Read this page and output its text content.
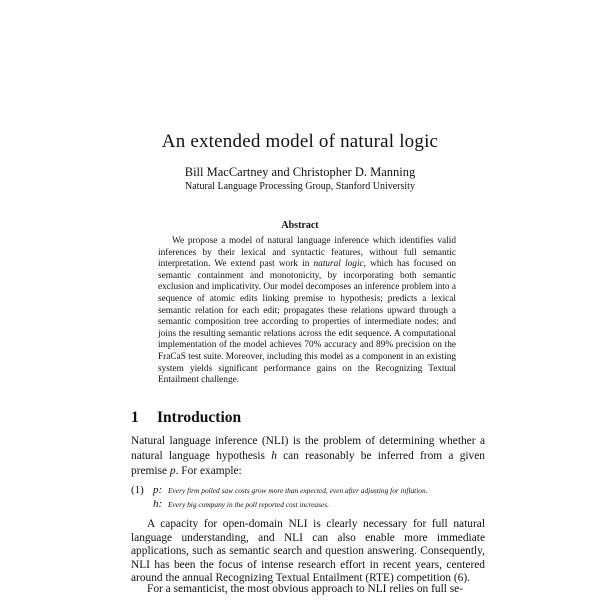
An extended model of natural logic
Bill MacCartney and Christopher D. Manning
Natural Language Processing Group, Stanford University
Abstract
We propose a model of natural language inference which identifies valid inferences by their lexical and syntactic features, without full semantic interpretation. We extend past work in natural logic, which has focused on semantic containment and monotonicity, by incorporating both semantic exclusion and implicativity. Our model decomposes an inference problem into a sequence of atomic edits linking premise to hypothesis; predicts a lexical semantic relation for each edit; propagates these relations upward through a semantic composition tree according to properties of intermediate nodes; and joins the resulting semantic relations across the edit sequence. A computational implementation of the model achieves 70% accuracy and 89% precision on the FraCaS test suite. Moreover, including this model as a component in an existing system yields significant performance gains on the Recognizing Textual Entailment challenge.
1 Introduction
Natural language inference (NLI) is the problem of determining whether a natural language hypothesis h can reasonably be inferred from a given premise p. For example:
(1) p: Every firm polled saw costs grow more than expected, even after adjusting for inflation.
h: Every big company in the poll reported cost increases.
A capacity for open-domain NLI is clearly necessary for full natural language understanding, and NLI can also enable more immediate applications, such as semantic search and question answering. Consequently, NLI has been the focus of intense research effort in recent years, centered around the annual Recognizing Textual Entailment (RTE) competition (6).
For a semanticist, the most obvious approach to NLI relies on full se-
